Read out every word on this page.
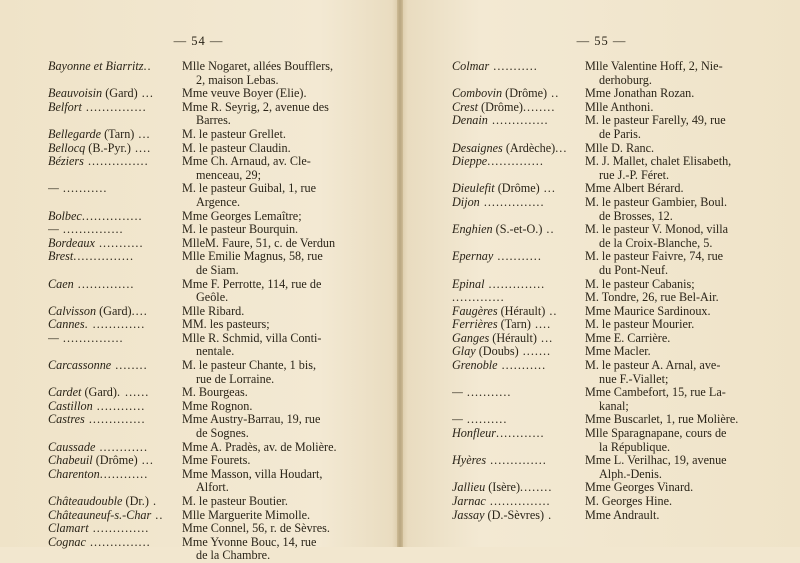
— 54 —
Bayonne et Biarritz..	Mlle Nogaret, allées Boufflers,
2, maison Lebas.
Beauvoisin (Gard) ...	Mme veuve Boyer (Elie).
Belfort ...............	Mme R. Seyrig, 2, avenue des
Barres.
Bellegarde (Tarn) ...	M. le pasteur Grellet.
Bellocq (B.-Pyr.) ....	M. le pasteur Claudin.
Béziers ...............	Mme Ch. Arnaud, av. Cle-
menceau, 29;
— ...........	M. le pasteur Guibal, 1, rue
Argence.
Bolbec...............	Mme Georges Lemaître;
— ...............	M. le pasteur Bourquin.
Bordeaux ...........	MlleM. Faure, 51, c. de Verdun
Brest...............	Mlle Emilie Magnus, 58, rue
de Siam.
Caen ..............	Mme F. Perrotte, 114, rue de
Geôle.
Calvisson (Gard)....	Mlle Ribard.
Cannes. .............	MM. les pasteurs;
— ...............	Mlle R. Schmid, villa Conti-
nentale.
Carcassonne ........	M. le pasteur Chante, 1 bis,
rue de Lorraine.
Cardet (Gard). ......	M. Bourgeas.
Castillon ............	Mme Rognon.
Castres ..............	Mme Austry-Barrau, 19, rue
de Sognes.
Caussade ............	Mme A. Pradès, av. de Molière.
Chabeuil (Drôme) ...	Mme Fourets.
Charenton............	Mme Masson, villa Houdart,
Alfort.
Châteaudouble (Dr.) .	M. le pasteur Boutier.
Châteauneuf-s.-Char ..	Mlle Marguerite Mimolle.
Clamart ..............	Mme Connel, 56, r. de Sèvres.
Cognac ...............	Mme Yvonne Bouc, 14, rue
de la Chambre.
— 55 —
Colmar ...........	Mlle Valentine Hoff, 2, Nie-
derhoburg.
Combovin (Drôme) ..	Mme Jonathan Rozan.
Crest (Drôme)........	Mlle Anthoni.
Denain ..............	M. le pasteur Farelly, 49, rue
de Paris.
Desaignes (Ardèche)...	Mlle D. Ranc.
Dieppe..............	M. J. Mallet, chalet Elisabeth,
rue J.-P. Féret.
Dieulefit (Drôme) ...	Mme Albert Bérard.
Dijon ...............	M. le pasteur Gambier, Boul.
de Brosses, 12.
Enghien (S.-et-O.) ..	M. le pasteur V. Monod, villa
de la Croix-Blanche, 5.
Epernay ...........	M. le pasteur Faivre, 74, rue
du Pont-Neuf.
Epinal ..............	M. le pasteur Cabanis;
.............	M. Tondre, 26, rue Bel-Air.
Faugères (Hérault) ..	Mme Maurice Sardinoux.
Ferrières (Tarn) ....	M. le pasteur Mourier.
Ganges (Hérault) ...	Mme E. Carrière.
Glay (Doubs) .......	Mme Macler.
Grenoble ...........	M. le pasteur A. Arnal, ave-
nue F.-Viallet;
— ...........	Mme Cambefort, 15, rue La-
kanal;
— ..........	Mme Buscarlet, 1, rue Molière.
Honfleur............	Mlle Sparagnapane, cours de
la République.
Hyères ..............	Mme L. Verilhac, 19, avenue
Alph.-Denis.
Jallieu (Isère)........	Mme Georges Vinard.
Jarnac ...............	M. Georges Hine.
Jassay (D.-Sèvres) .	Mme Andrault.
